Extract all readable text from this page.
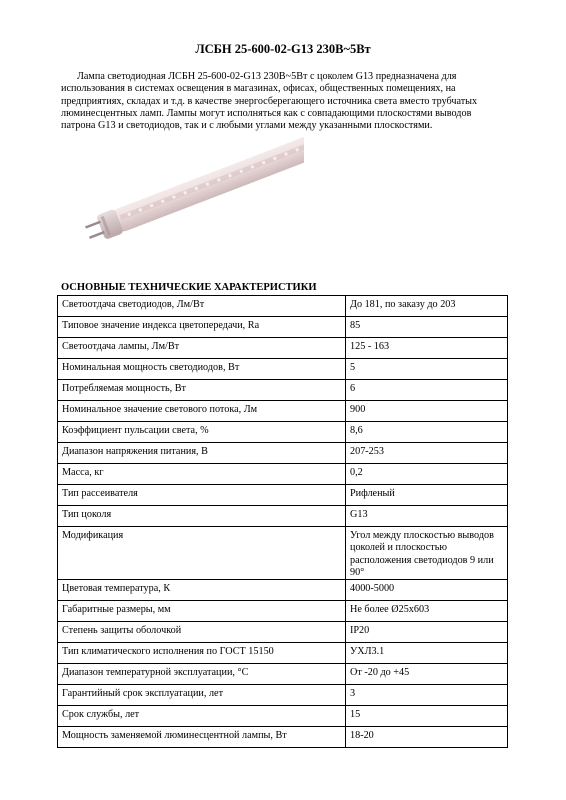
ЛСБН 25-600-02-G13 230В~5Вт
Лампа светодиодная ЛСБН 25-600-02-G13 230В~5Вт с цоколем G13 предназначена для использования в системах освещения в магазинах, офисах, общественных помещениях, на предприятиях, складах и т.д. в качестве энергосберегающего источника света вместо трубчатых люминесцентных ламп. Лампы могут исполняться как с совпадающими плоскостями выводов патрона G13 и светодиодов, так и с любыми углами между указанными плоскостями.
ОСНОВНЫЕ ТЕХНИЧЕСКИЕ ХАРАКТЕРИСТИКИ
Светоотдача светодиодов, Лм/Вт	До 181, по заказу до 203
Типовое значение индекса цветопередачи, Ra	85
Светоотдача лампы, Лм/Вт	125 - 163
Номинальная мощность светодиодов, Вт	5
Потребляемая мощность, Вт	6
Номинальное значение светового потока, Лм	900
Коэффициент пульсации света, %	8,6
Диапазон напряжения питания, В	207-253
Масса, кг	0,2
Тип рассеивателя	Рифленый
Тип цоколя	G13
Модификация	Угол между плоскостью выводов цоколей и плоскостью расположения светодиодов 9 или 90°
Цветовая температура, К	4000-5000
Габаритные размеры, мм	Не более Ø25x603
Степень защиты оболочкой	IP20
Тип климатического исполнения по ГОСТ 15150	УХЛ3.1
Диапазон температурной эксплуатации, °С	От -20 до +45
Гарантийный срок эксплуатации, лет	3
Срок службы, лет	15
Мощность заменяемой люминесцентной лампы, Вт	18-20
